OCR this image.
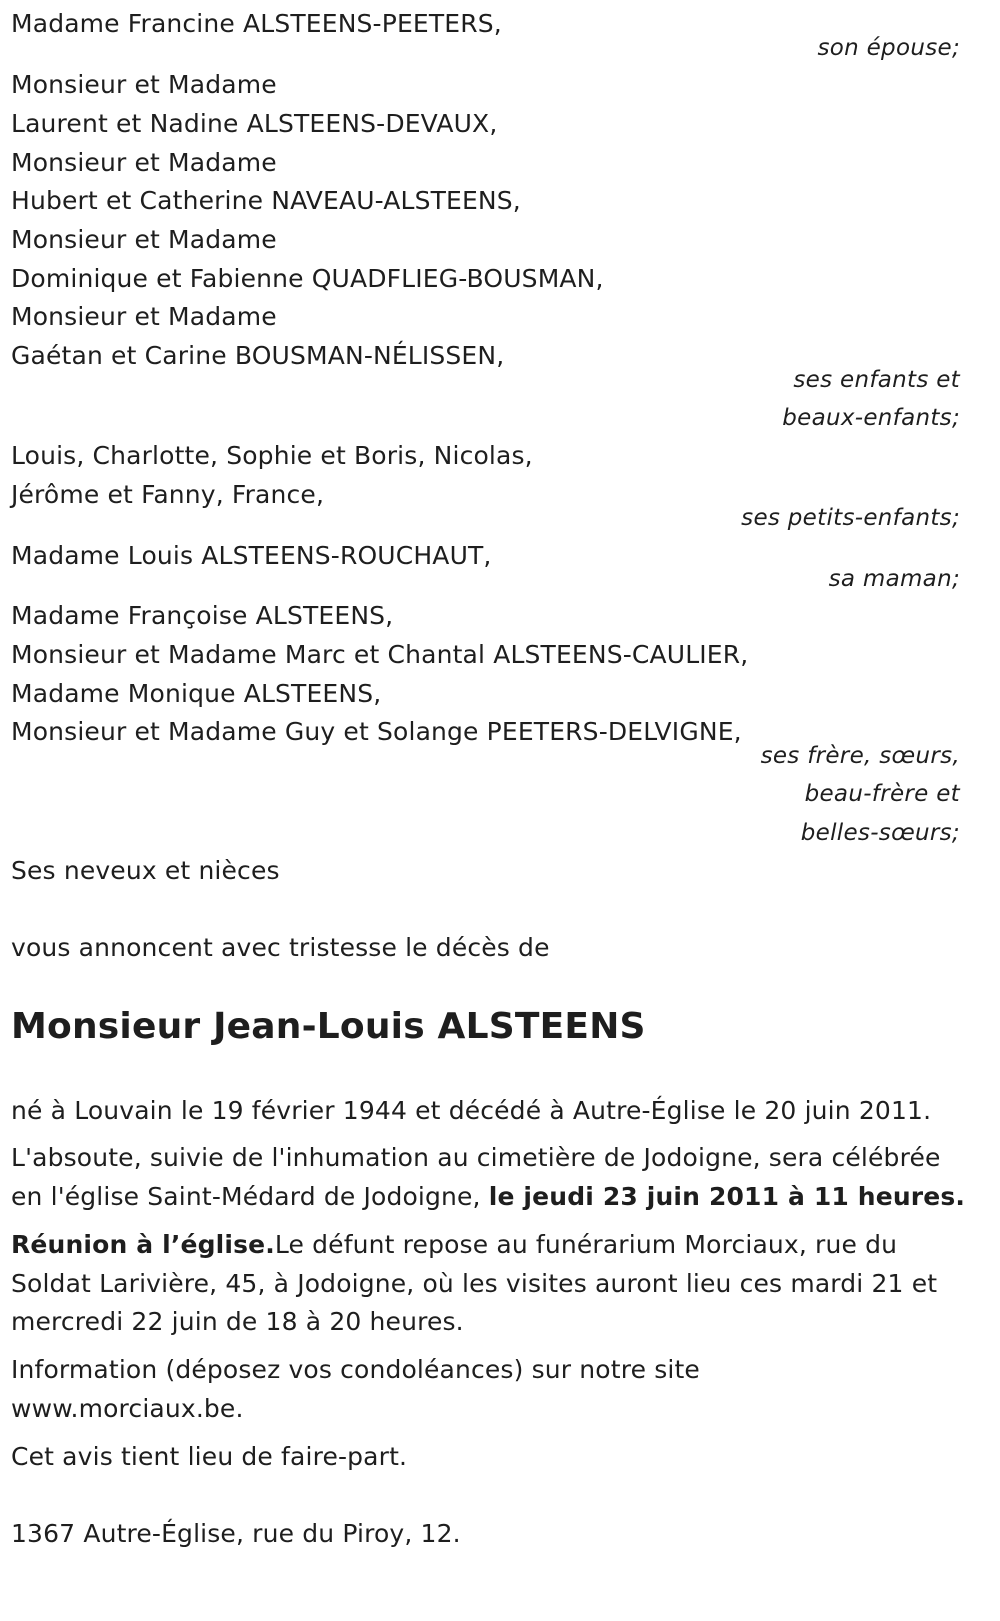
Madame Francine ALSTEENS-PEETERS,
son épouse;
Monsieur et Madame
Laurent et Nadine ALSTEENS-DEVAUX,
Monsieur et Madame
Hubert et Catherine NAVEAU-ALSTEENS,
Monsieur et Madame
Dominique et Fabienne QUADFLIEG-BOUSMAN,
Monsieur et Madame
Gaétan et Carine BOUSMAN-NÉLISSEN,
ses enfants et
beaux-enfants;
Louis, Charlotte, Sophie et Boris, Nicolas,
Jérôme et Fanny, France,
ses petits-enfants;
Madame Louis ALSTEENS-ROUCHAUT,
sa maman;
Madame Françoise ALSTEENS,
Monsieur et Madame Marc et Chantal ALSTEENS-CAULIER,
Madame Monique ALSTEENS,
Monsieur et Madame Guy et Solange PEETERS-DELVIGNE,
ses frère, sœurs,
beau-frère et
belles-sœurs;
Ses neveux et nièces
vous annoncent avec tristesse le décès de
Monsieur Jean-Louis ALSTEENS
né à Louvain le 19 février 1944 et décédé à Autre-Église le 20 juin 2011.
L'absoute, suivie de l'inhumation au cimetière de Jodoigne, sera célébrée
en l'église Saint-Médard de Jodoigne, le jeudi 23 juin 2011 à 11 heures.
Réunion à l’église.Le défunt repose au funérarium Morciaux, rue du
Soldat Larivière, 45, à Jodoigne, où les visites auront lieu ces mardi 21 et
mercredi 22 juin de 18 à 20 heures.
Information (déposez vos condoléances) sur notre site
www.morciaux.be.
Cet avis tient lieu de faire-part.
1367 Autre-Église, rue du Piroy, 12.
